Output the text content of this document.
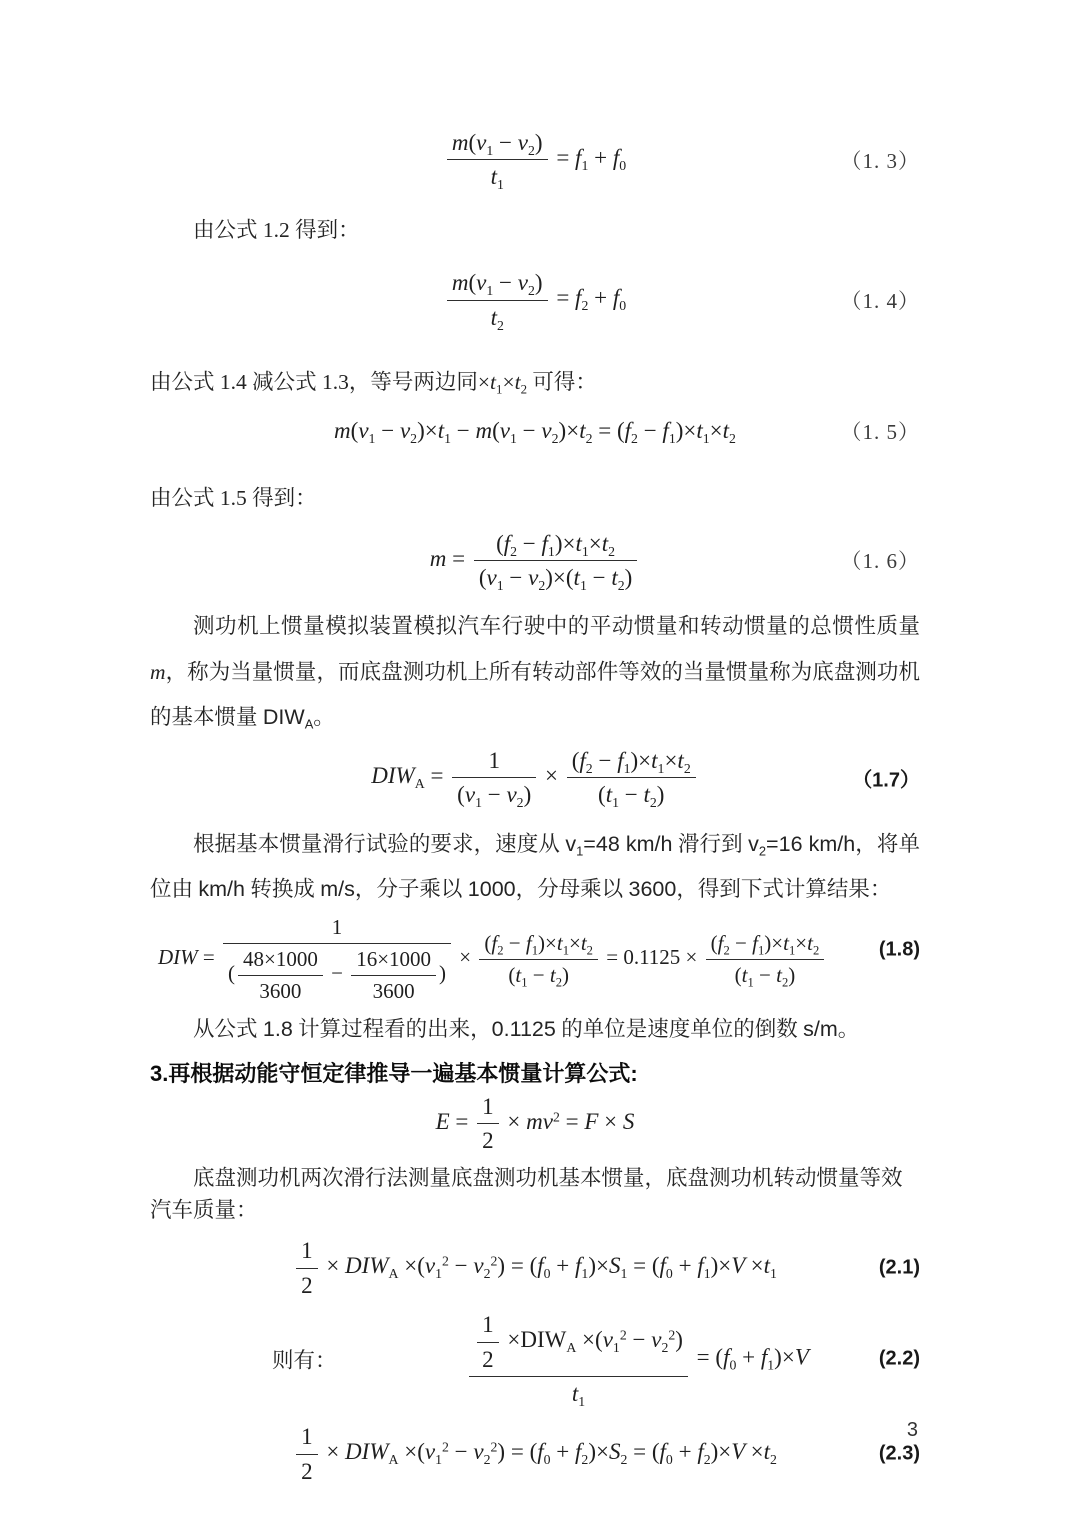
$\frac{m(v_1 - v_2)}{t_1} = f_1 + f_0$	（1. 3）
由公式 1.2 得到：
$\frac{m(v_1 - v_2)}{t_2} = f_2 + f_0$	（1. 4）
由公式 1.4 减公式 1.3，等号两边同$\times t_1\times t_2$ 可得：
$m(v_1 - v_2)\times t_1 - m(v_1 - v_2)\times t_2 = (f_2 - f_1)\times t_1\times t_2$	（1. 5）
由公式 1.5 得到：
$m = \frac{(f_2 - f_1)\times t_1\times t_2}{(v_1 - v_2)\times(t_1 - t_2)}$	（1. 6）
测功机上惯量模拟装置模拟汽车行驶中的平动惯量和转动惯量的总惯性质量 m，称为当量惯量，而底盘测功机上所有转动部件等效的当量惯量称为底盘测功机的基本惯量 $DIW_A$。
$DIW_A = \frac{1}{(v_1 - v_2)} \times \frac{(f_2 - f_1)\times t_1\times t_2}{(t_1 - t_2)}$	（1.7）
根据基本惯量滑行试验的要求，速度从 $v_1=48$ km/h 滑行到 $v_2=16$ km/h，将单位由 km/h 转换成 m/s，分子乘以 1000，分母乘以 3600，得到下式计算结果：
DIW = $\frac{1}{( \frac{48\times 1000}{3600} - \frac{16\times 1000}{3600} )} \times \frac{(f_2 - f_1)\times t_1\times t_2}{(t_1 - t_2)} = 0.1125 \times \frac{(f_2 - f_1)\times t_1\times t_2}{(t_1 - t_2)}$	(1.8)
从公式 1.8 计算过程看的出来，0.1125 的单位是速度单位的倒数 s/m。
3.再根据动能守恒定律推导一遍基本惯量计算公式:
$E = \frac{1}{2} \times mv^2 = F \times S$
底盘测功机两次滑行法测量底盘测功机基本惯量，底盘测功机转动惯量等效汽车质量：
$\frac{1}{2} \times DIW_A \times(v_1^2 - v_2^2) = (f_0 + f_1)\times S_1 = (f_0 + f_1)\times V \times t_1$	(2.1)
则有：	$\frac{\frac{1}{2} \times DIW_A \times(v_1^2 - v_2^2)}{t_1} = (f_0 + f_1)\times V$	(2.2)
$\frac{1}{2} \times DIW_A \times(v_1^2 - v_2^2) = (f_0 + f_2)\times S_2 = (f_0 + f_2)\times V \times t_2$	(2.3)
3
